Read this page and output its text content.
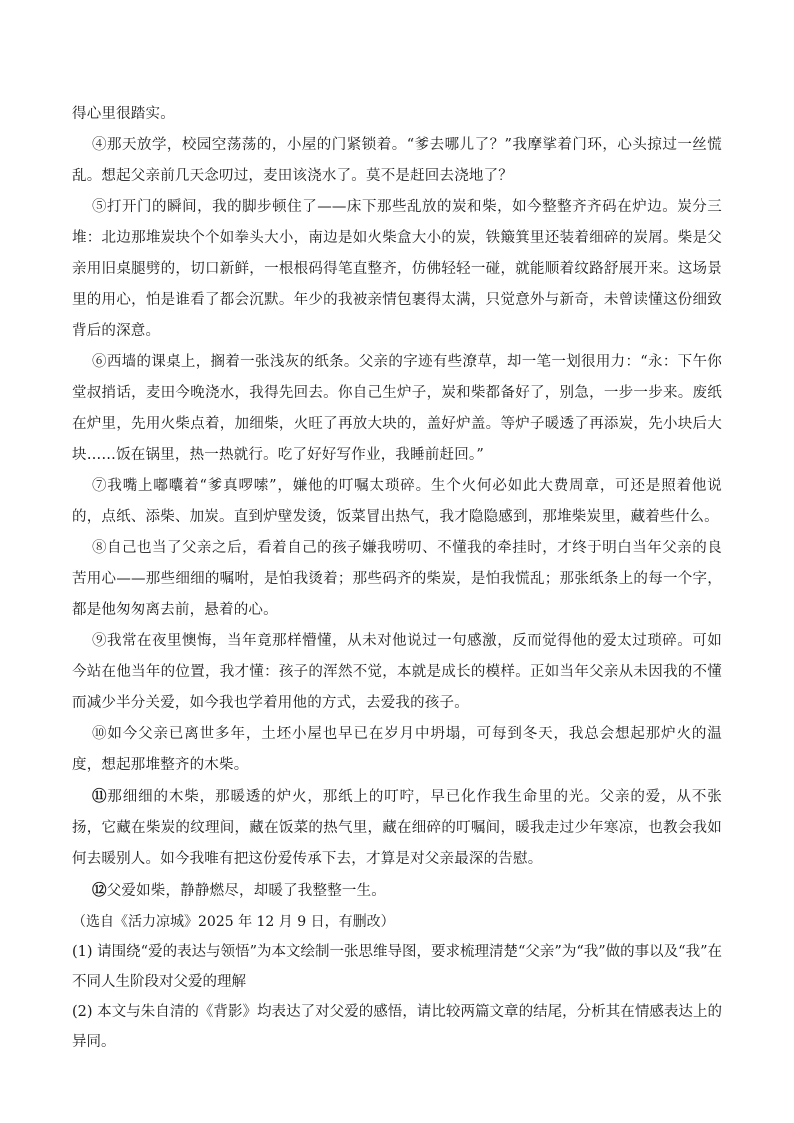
得心里很踏实。

④那天放学，校园空荡荡的，小屋的门紧锁着。“爹去哪儿了？”我摩挲着门环，心头掠过一丝慌乱。想起父亲前几天念叨过，麦田该浇水了。莫不是赶回去浇地了？

⑤打开门的瞬间，我的脚步顿住了——床下那些乱放的炭和柴，如今整整齐齐码在炉边。炭分三堆：北边那堆炭块个个如拳头大小，南边是如火柴盒大小的炭，铁簸箕里还装着细碎的炭屑。柴是父亲用旧桌腿劈的，切口新鲜，一根根码得笔直整齐，仿佛轻轻一碰，就能顺着纹路舒展开来。这场景里的用心，怕是谁看了都会沉默。年少的我被亲情包裹得太满，只觉意外与新奇，未曾读懂这份细致背后的深意。

⑥西墙的课桌上，搁着一张浅灰的纸条。父亲的字迹有些潦草，却一笔一划很用力：“永：下午你堂叔捎话，麦田今晚浇水，我得先回去。你自己生炉子，炭和柴都备好了，别急，一步一步来。废纸在炉里，先用火柴点着，加细柴，火旺了再放大块的，盖好炉盖。等炉子暖透了再添炭，先小块后大块……饭在锅里，热一热就行。吃了好好写作业，我睡前赶回。”

⑦我嘴上嘟囔着“爹真啰嗦”，嫌他的叮嘱太琐碎。生个火何必如此大费周章，可还是照着他说的，点纸、添柴、加炭。直到炉壁发烫，饭菜冒出热气，我才隐隐感到，那堆柴炭里，藏着些什么。

⑧自己也当了父亲之后，看着自己的孩子嫌我唠叨、不懂我的牵挂时，才终于明白当年父亲的良苦用心——那些细细的嘱咐，是怕我烫着；那些码齐的柴炭，是怕我慌乱；那张纸条上的每一个字，都是他匆匆离去前，悬着的心。

⑨我常在夜里懊悔，当年竟那样懵懂，从未对他说过一句感激，反而觉得他的爱太过琐碎。可如今站在他当年的位置，我才懂：孩子的浑然不觉，本就是成长的模样。正如当年父亲从未因我的不懂而减少半分关爱，如今我也学着用他的方式，去爱我的孩子。

⑩如今父亲已离世多年，土坯小屋也早已在岁月中坍塌，可每到冬天，我总会想起那炉火的温度，想起那堆整齐的木柴。

⑪那细细的木柴，那暖透的炉火，那纸上的叮咛，早已化作我生命里的光。父亲的爱，从不张扬，它藏在柴炭的纹理间，藏在饭菜的热气里，藏在细碎的叮嘱间，暖我走过少年寒凉，也教会我如何去暖别人。如今我唯有把这份爱传承下去，才算是对父亲最深的告慰。

⑫父爱如柴，静静燃尽，却暖了我整整一生。

（选自《活力凉城》2025 年 12 月 9 日，有删改）

(1) 请围绕“爱的表达与领悟”为本文绘制一张思维导图，要求梳理清楚“父亲”为“我”做的事以及“我”在不同人生阶段对父爱的理解

(2) 本文与朱自清的《背影》均表达了对父爱的感悟，请比较两篇文章的结尾，分析其在情感表达上的异同。
